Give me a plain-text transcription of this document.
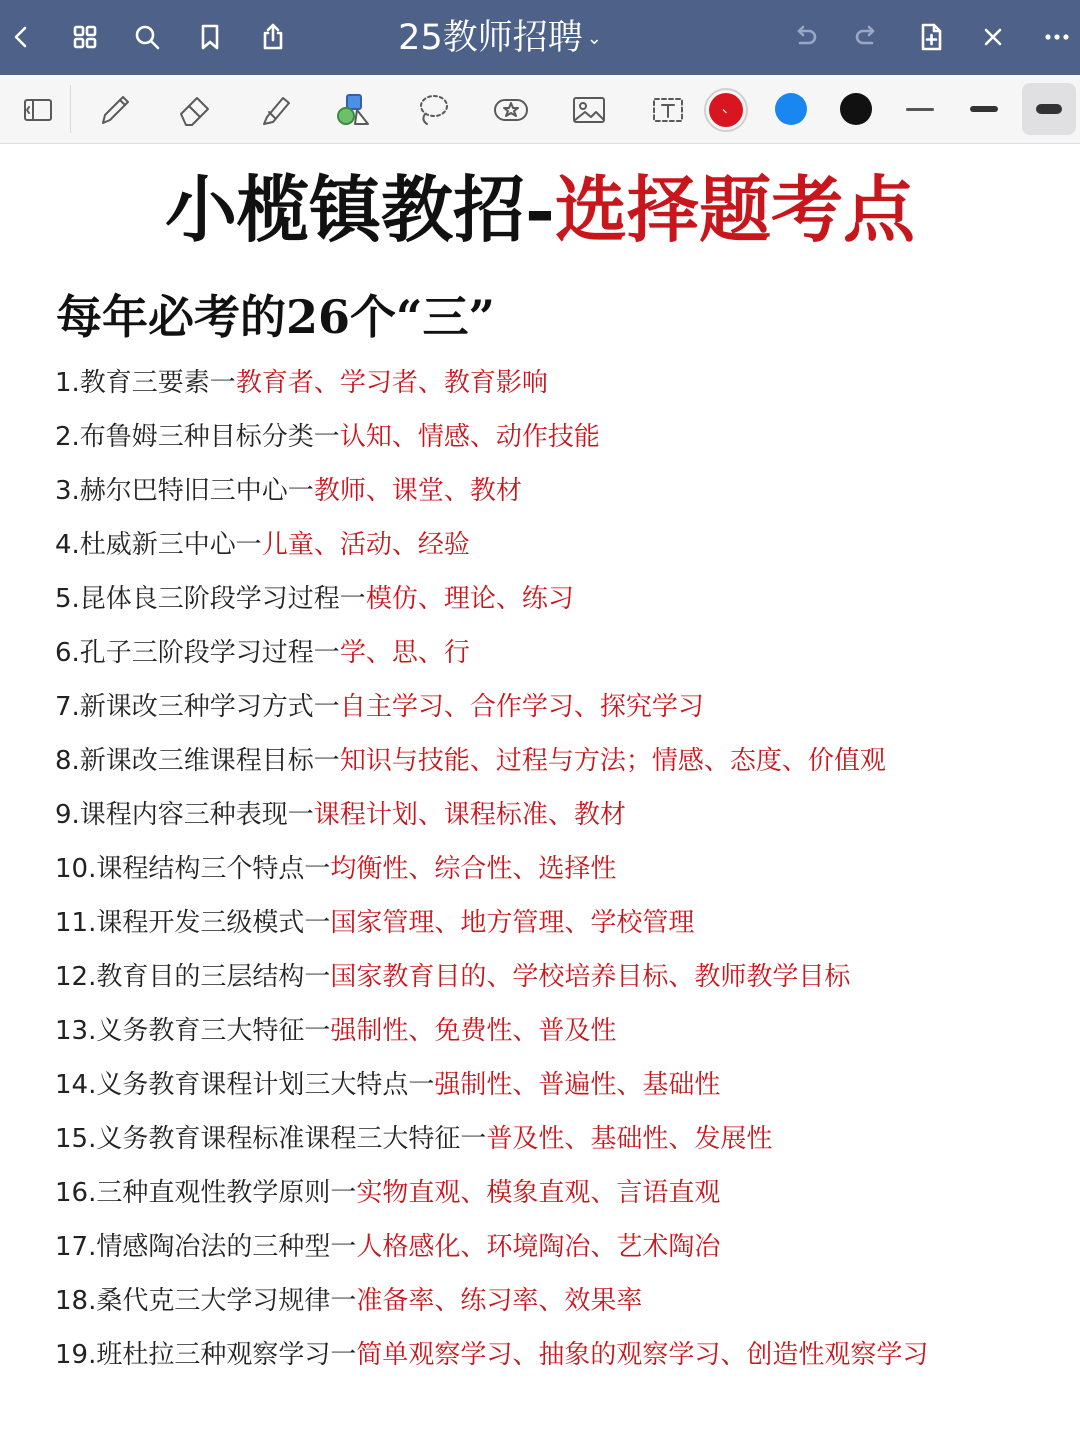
25教师招聘 ⌄
小榄镇教招-选择题考点
每年必考的26个“三”
1.教育三要素一教育者、学习者、教育影响
2.布鲁姆三种目标分类一认知、情感、动作技能
3.赫尔巴特旧三中心一教师、课堂、教材
4.杜威新三中心一儿童、活动、经验
5.昆体良三阶段学习过程一模仿、理论、练习
6.孔子三阶段学习过程一学、思、行
7.新课改三种学习方式一自主学习、合作学习、探究学习
8.新课改三维课程目标一知识与技能、过程与方法；情感、态度、价值观
9.课程内容三种表现一课程计划、课程标准、教材
10.课程结构三个特点一均衡性、综合性、选择性
11.课程开发三级模式一国家管理、地方管理、学校管理
12.教育目的三层结构一国家教育目的、学校培养目标、教师教学目标
13.义务教育三大特征一强制性、免费性、普及性
14.义务教育课程计划三大特点一强制性、普遍性、基础性
15.义务教育课程标准课程三大特征一普及性、基础性、发展性
16.三种直观性教学原则一实物直观、模象直观、言语直观
17.情感陶冶法的三种型一人格感化、环境陶冶、艺术陶冶
18.桑代克三大学习规律一准备率、练习率、效果率
19.班杜拉三种观察学习一简单观察学习、抽象的观察学习、创造性观察学习
